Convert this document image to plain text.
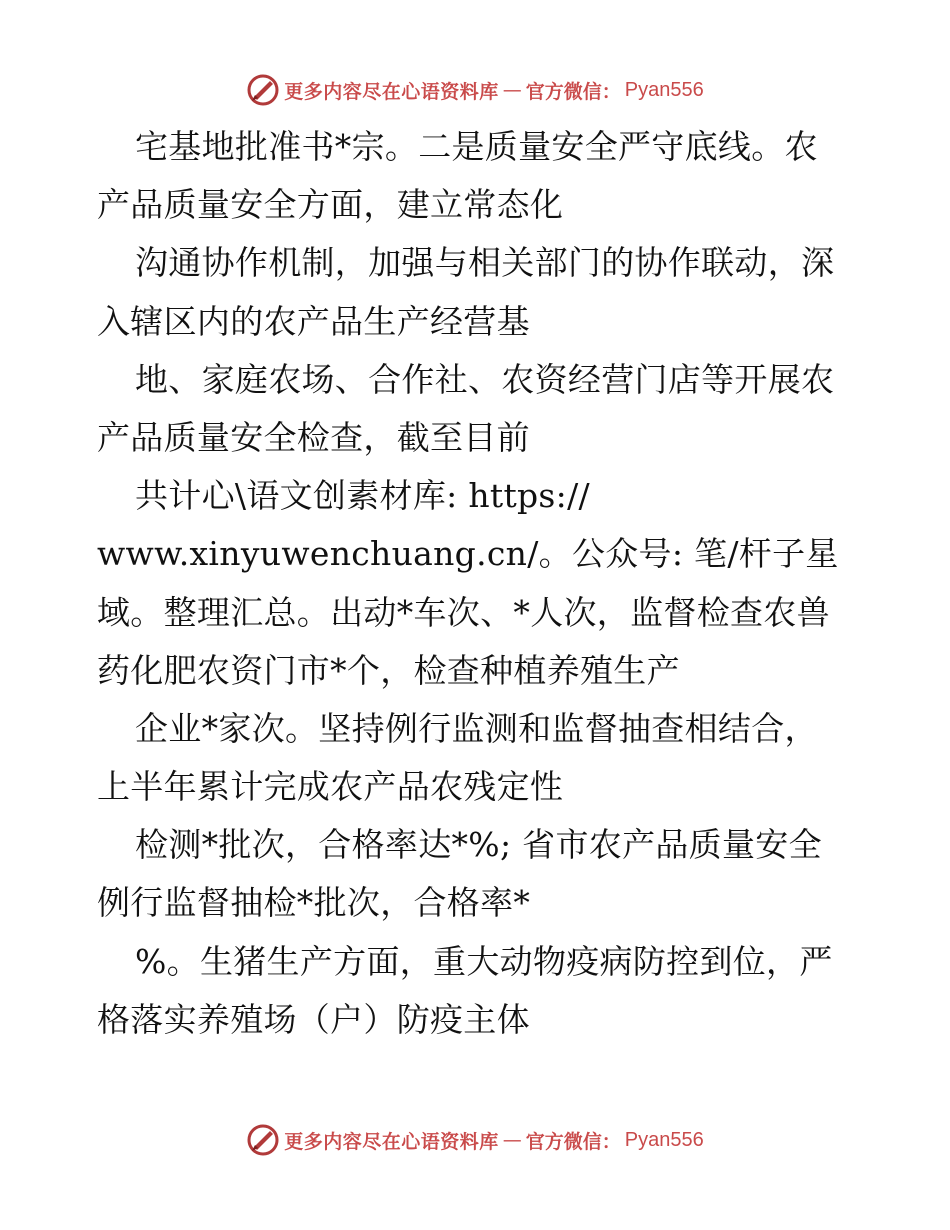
更多内容尽在心语资料库 — 官方微信： Pyan556
宅基地批准书*宗。二是质量安全严守底线。农
产品质量安全方面，建立常态化
沟通协作机制，加强与相关部门的协作联动，深
入辖区内的农产品生产经营基
地、家庭农场、合作社、农资经营门店等开展农
产品质量安全检查，截至目前
共计心\语文创素材库: https://
www.xinyuwenchuang.cn/。公众号: 笔/杆子星
域。整理汇总。出动*车次、*人次，监督检查农兽
药化肥农资门市*个，检查种植养殖生产
企业*家次。坚持例行监测和监督抽查相结合，
上半年累计完成农产品农残定性
检测*批次，合格率达*%; 省市农产品质量安全
例行监督抽检*批次，合格率*
%。生猪生产方面，重大动物疫病防控到位，严
格落实养殖场（户）防疫主体
更多内容尽在心语资料库 — 官方微信： Pyan556
